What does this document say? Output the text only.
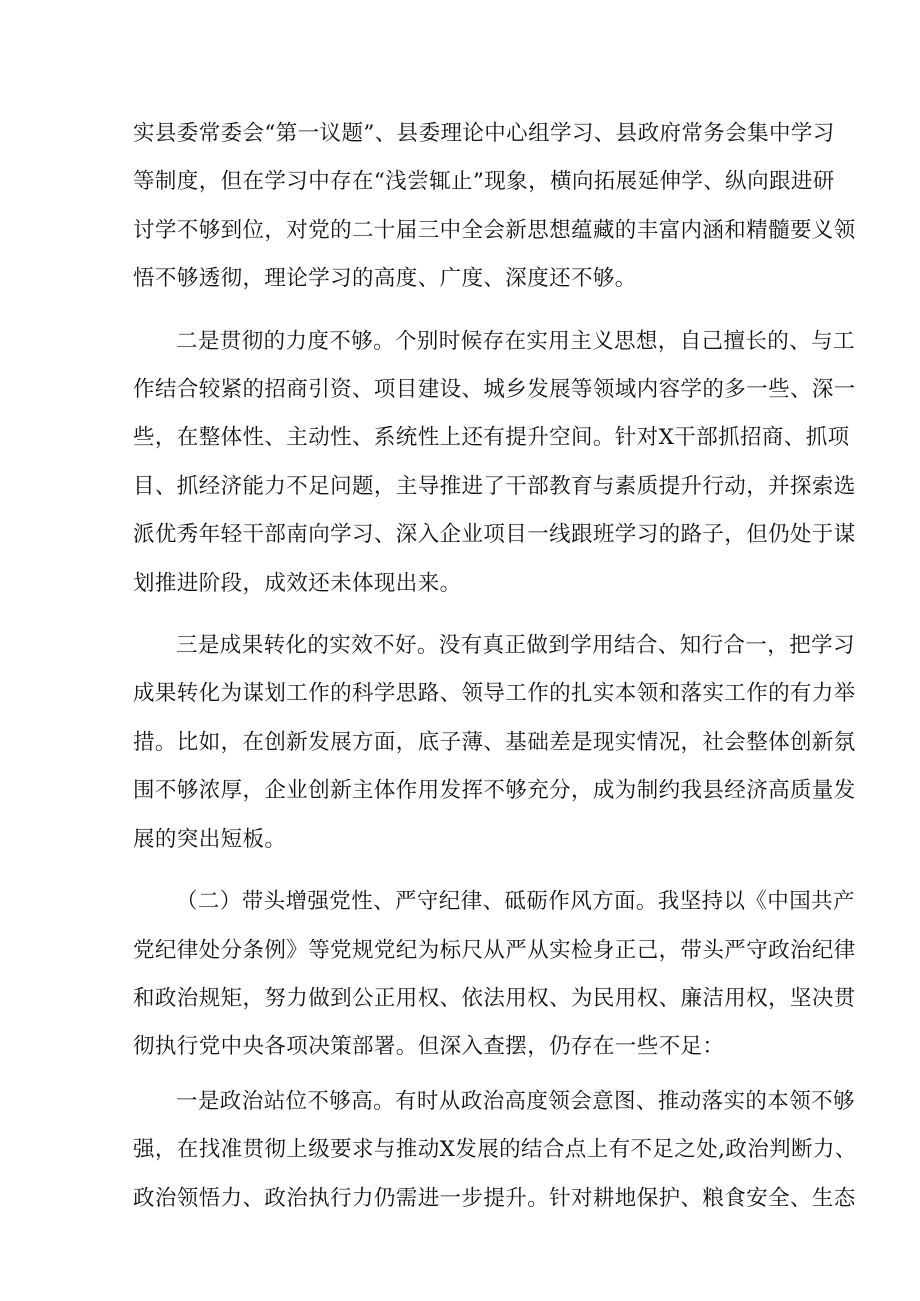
实县委常委会“第一议题”、县委理论中心组学习、县政府常务会集中学习
等制度，但在学习中存在“浅尝辄止”现象，横向拓展延伸学、纵向跟进研
讨学不够到位，对党的二十届三中全会新思想蕴藏的丰富内涵和精髓要义领
悟不够透彻，理论学习的高度、广度、深度还不够。

二是贯彻的力度不够。个别时候存在实用主义思想，自己擅长的、与工
作结合较紧的招商引资、项目建设、城乡发展等领域内容学的多一些、深一
些，在整体性、主动性、系统性上还有提升空间。针对X干部抓招商、抓项
目、抓经济能力不足问题，主导推进了干部教育与素质提升行动，并探索选
派优秀年轻干部南向学习、深入企业项目一线跟班学习的路子，但仍处于谋
划推进阶段，成效还未体现出来。

三是成果转化的实效不好。没有真正做到学用结合、知行合一，把学习
成果转化为谋划工作的科学思路、领导工作的扎实本领和落实工作的有力举
措。比如，在创新发展方面，底子薄、基础差是现实情况，社会整体创新氛
围不够浓厚，企业创新主体作用发挥不够充分，成为制约我县经济高质量发
展的突出短板。

（二）带头增强党性、严守纪律、砥砺作风方面。我坚持以《中国共产
党纪律处分条例》等党规党纪为标尺从严从实检身正己，带头严守政治纪律
和政治规矩，努力做到公正用权、依法用权、为民用权、廉洁用权，坚决贯
彻执行党中央各项决策部署。但深入查摆，仍存在一些不足：

一是政治站位不够高。有时从政治高度领会意图、推动落实的本领不够
强，在找准贯彻上级要求与推动X发展的结合点上有不足之处,政治判断力、
政治领悟力、政治执行力仍需进一步提升。针对耕地保护、粮食安全、生态
